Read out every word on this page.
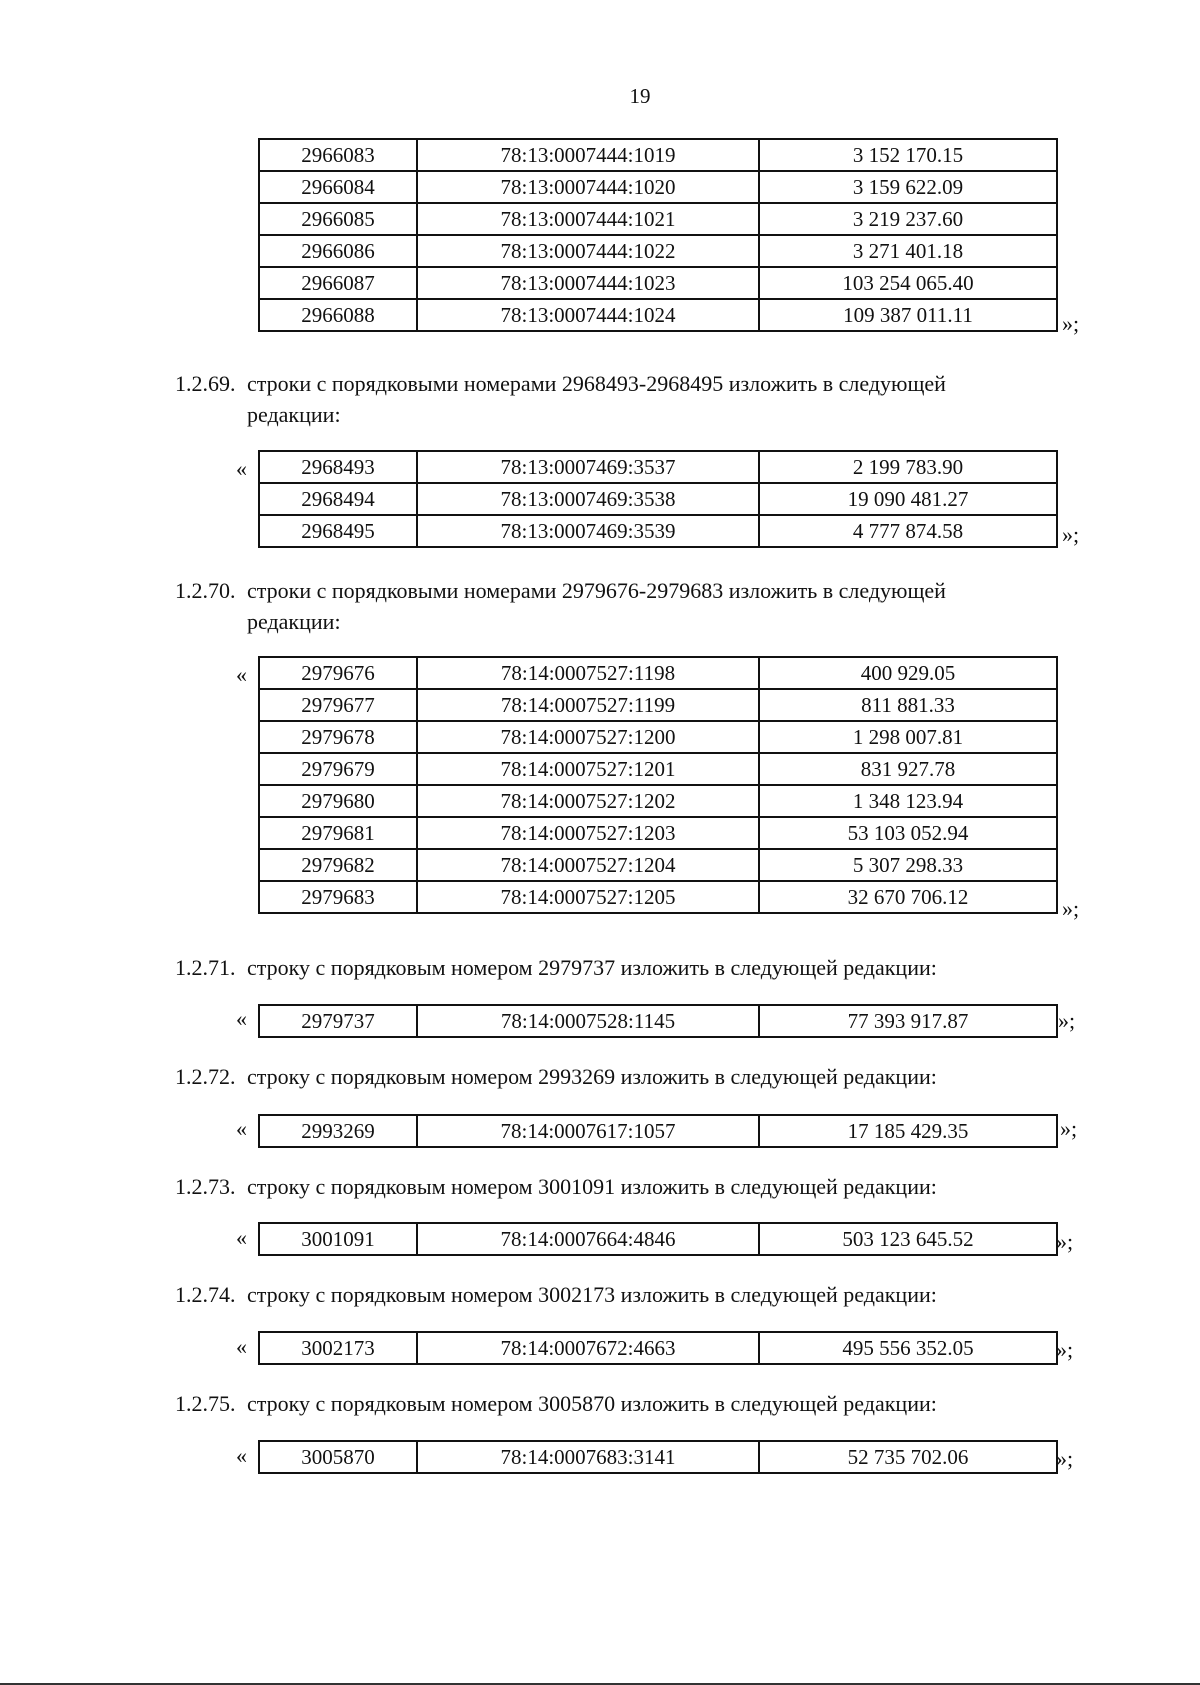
19
2966083	78:13:0007444:1019	3 152 170.15
2966084	78:13:0007444:1020	3 159 622.09
2966085	78:13:0007444:1021	3 219 237.60
2966086	78:13:0007444:1022	3 271 401.18
2966087	78:13:0007444:1023	103 254 065.40
2966088	78:13:0007444:1024	109 387 011.11	»;
1.2.69. строки с порядковыми номерами 2968493-2968495 изложить в следующей
редакции:
«	2968493	78:13:0007469:3537	2 199 783.90
2968494	78:13:0007469:3538	19 090 481.27
2968495	78:13:0007469:3539	4 777 874.58	»;
1.2.70. строки с порядковыми номерами 2979676-2979683 изложить в следующей
редакции:
«	2979676	78:14:0007527:1198	400 929.05
2979677	78:14:0007527:1199	811 881.33
2979678	78:14:0007527:1200	1 298 007.81
2979679	78:14:0007527:1201	831 927.78
2979680	78:14:0007527:1202	1 348 123.94
2979681	78:14:0007527:1203	53 103 052.94
2979682	78:14:0007527:1204	5 307 298.33
2979683	78:14:0007527:1205	32 670 706.12	»;
1.2.71. строку с порядковым номером 2979737 изложить в следующей редакции:
«	2979737	78:14:0007528:1145	77 393 917.87	»;
1.2.72. строку с порядковым номером 2993269 изложить в следующей редакции:
«	2993269	78:14:0007617:1057	17 185 429.35	»;
1.2.73. строку с порядковым номером 3001091 изложить в следующей редакции:
«	3001091	78:14:0007664:4846	503 123 645.52	»;
1.2.74. строку с порядковым номером 3002173 изложить в следующей редакции:
«	3002173	78:14:0007672:4663	495 556 352.05	»;
1.2.75. строку с порядковым номером 3005870 изложить в следующей редакции:
«	3005870	78:14:0007683:3141	52 735 702.06	»;
